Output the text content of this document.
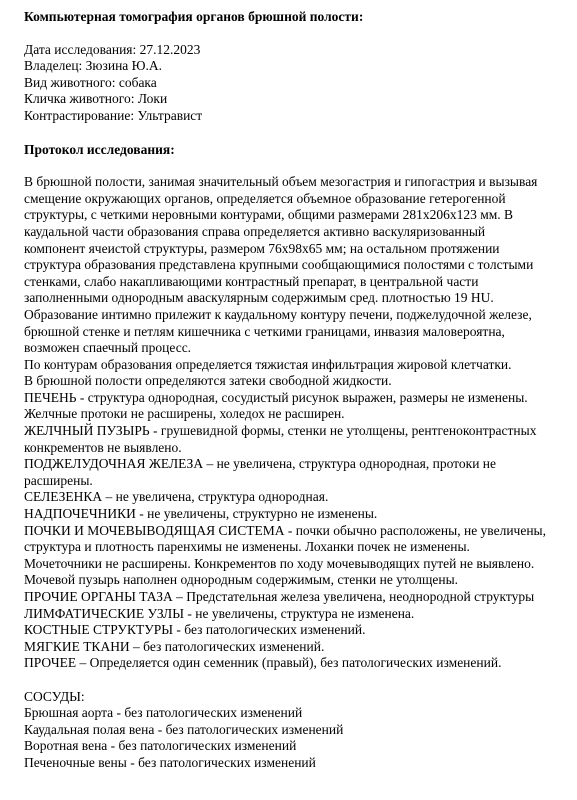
Компьютерная томография органов брюшной полости:
Дата исследования: 27.12.2023
Владелец: Зюзина Ю.А.
Вид животного: собака
Кличка животного: Локи
Контрастирование: Ультравист
Протокол исследования:
В брюшной полости, занимая значительный объем мезогастрия и гипогастрия и вызывая
смещение окружающих органов, определяется объемное образование гетерогенной
структуры, с четкими неровными контурами, общими размерами 281x206x123 мм. В
каудальной части образования справа определяется активно васкуляризованный
компонент ячеистой структуры, размером 76x98x65 мм; на остальном протяжении
структура образования представлена крупными сообщающимися полостями с толстыми
стенками, слабо накапливающими контрастный препарат, в центральной части
заполненными однородным аваскулярным содержимым сред. плотностью 19 HU.
Образование интимно прилежит к каудальному контуру печени, поджелудочной железе,
брюшной стенке и петлям кишечника с четкими границами, инвазия маловероятна,
возможен спаечный процесс.
По контурам образования определяется тяжистая инфильтрация жировой клетчатки.
В брюшной полости определяются затеки свободной жидкости.
ПЕЧЕНЬ - структура однородная, сосудистый рисунок выражен, размеры не изменены.
Желчные протоки не расширены, холедох не расширен.
ЖЕЛЧНЫЙ ПУЗЫРЬ - грушевидной формы, стенки не утолщены, рентгеноконтрастных
конкрементов не выявлено.
ПОДЖЕЛУДОЧНАЯ ЖЕЛЕЗА – не увеличена, структура однородная, протоки не
расширены.
СЕЛЕЗЕНКА – не увеличена, структура однородная.
НАДПОЧЕЧНИКИ - не увеличены, структурно не изменены.
ПОЧКИ И МОЧЕВЫВОДЯЩАЯ СИСТЕМА - почки обычно расположены, не увеличены,
структура и плотность паренхимы не изменены. Лоханки почек не изменены.
Мочеточники не расширены. Конкрементов по ходу мочевыводящих путей не выявлено.
Мочевой пузырь наполнен однородным содержимым, стенки не утолщены.
ПРОЧИЕ ОРГАНЫ ТАЗА – Предстательная железа увеличена, неоднородной структуры
ЛИМФАТИЧЕСКИЕ УЗЛЫ - не увеличены, структура не изменена.
КОСТНЫЕ СТРУКТУРЫ - без патологических изменений.
МЯГКИЕ ТКАНИ – без патологических изменений.
ПРОЧЕЕ – Определяется один семенник (правый), без патологических изменений.
СОСУДЫ:
Брюшная аорта - без патологических изменений
Каудальная полая вена - без патологических изменений
Воротная вена - без патологических изменений
Печеночные вены - без патологических изменений
